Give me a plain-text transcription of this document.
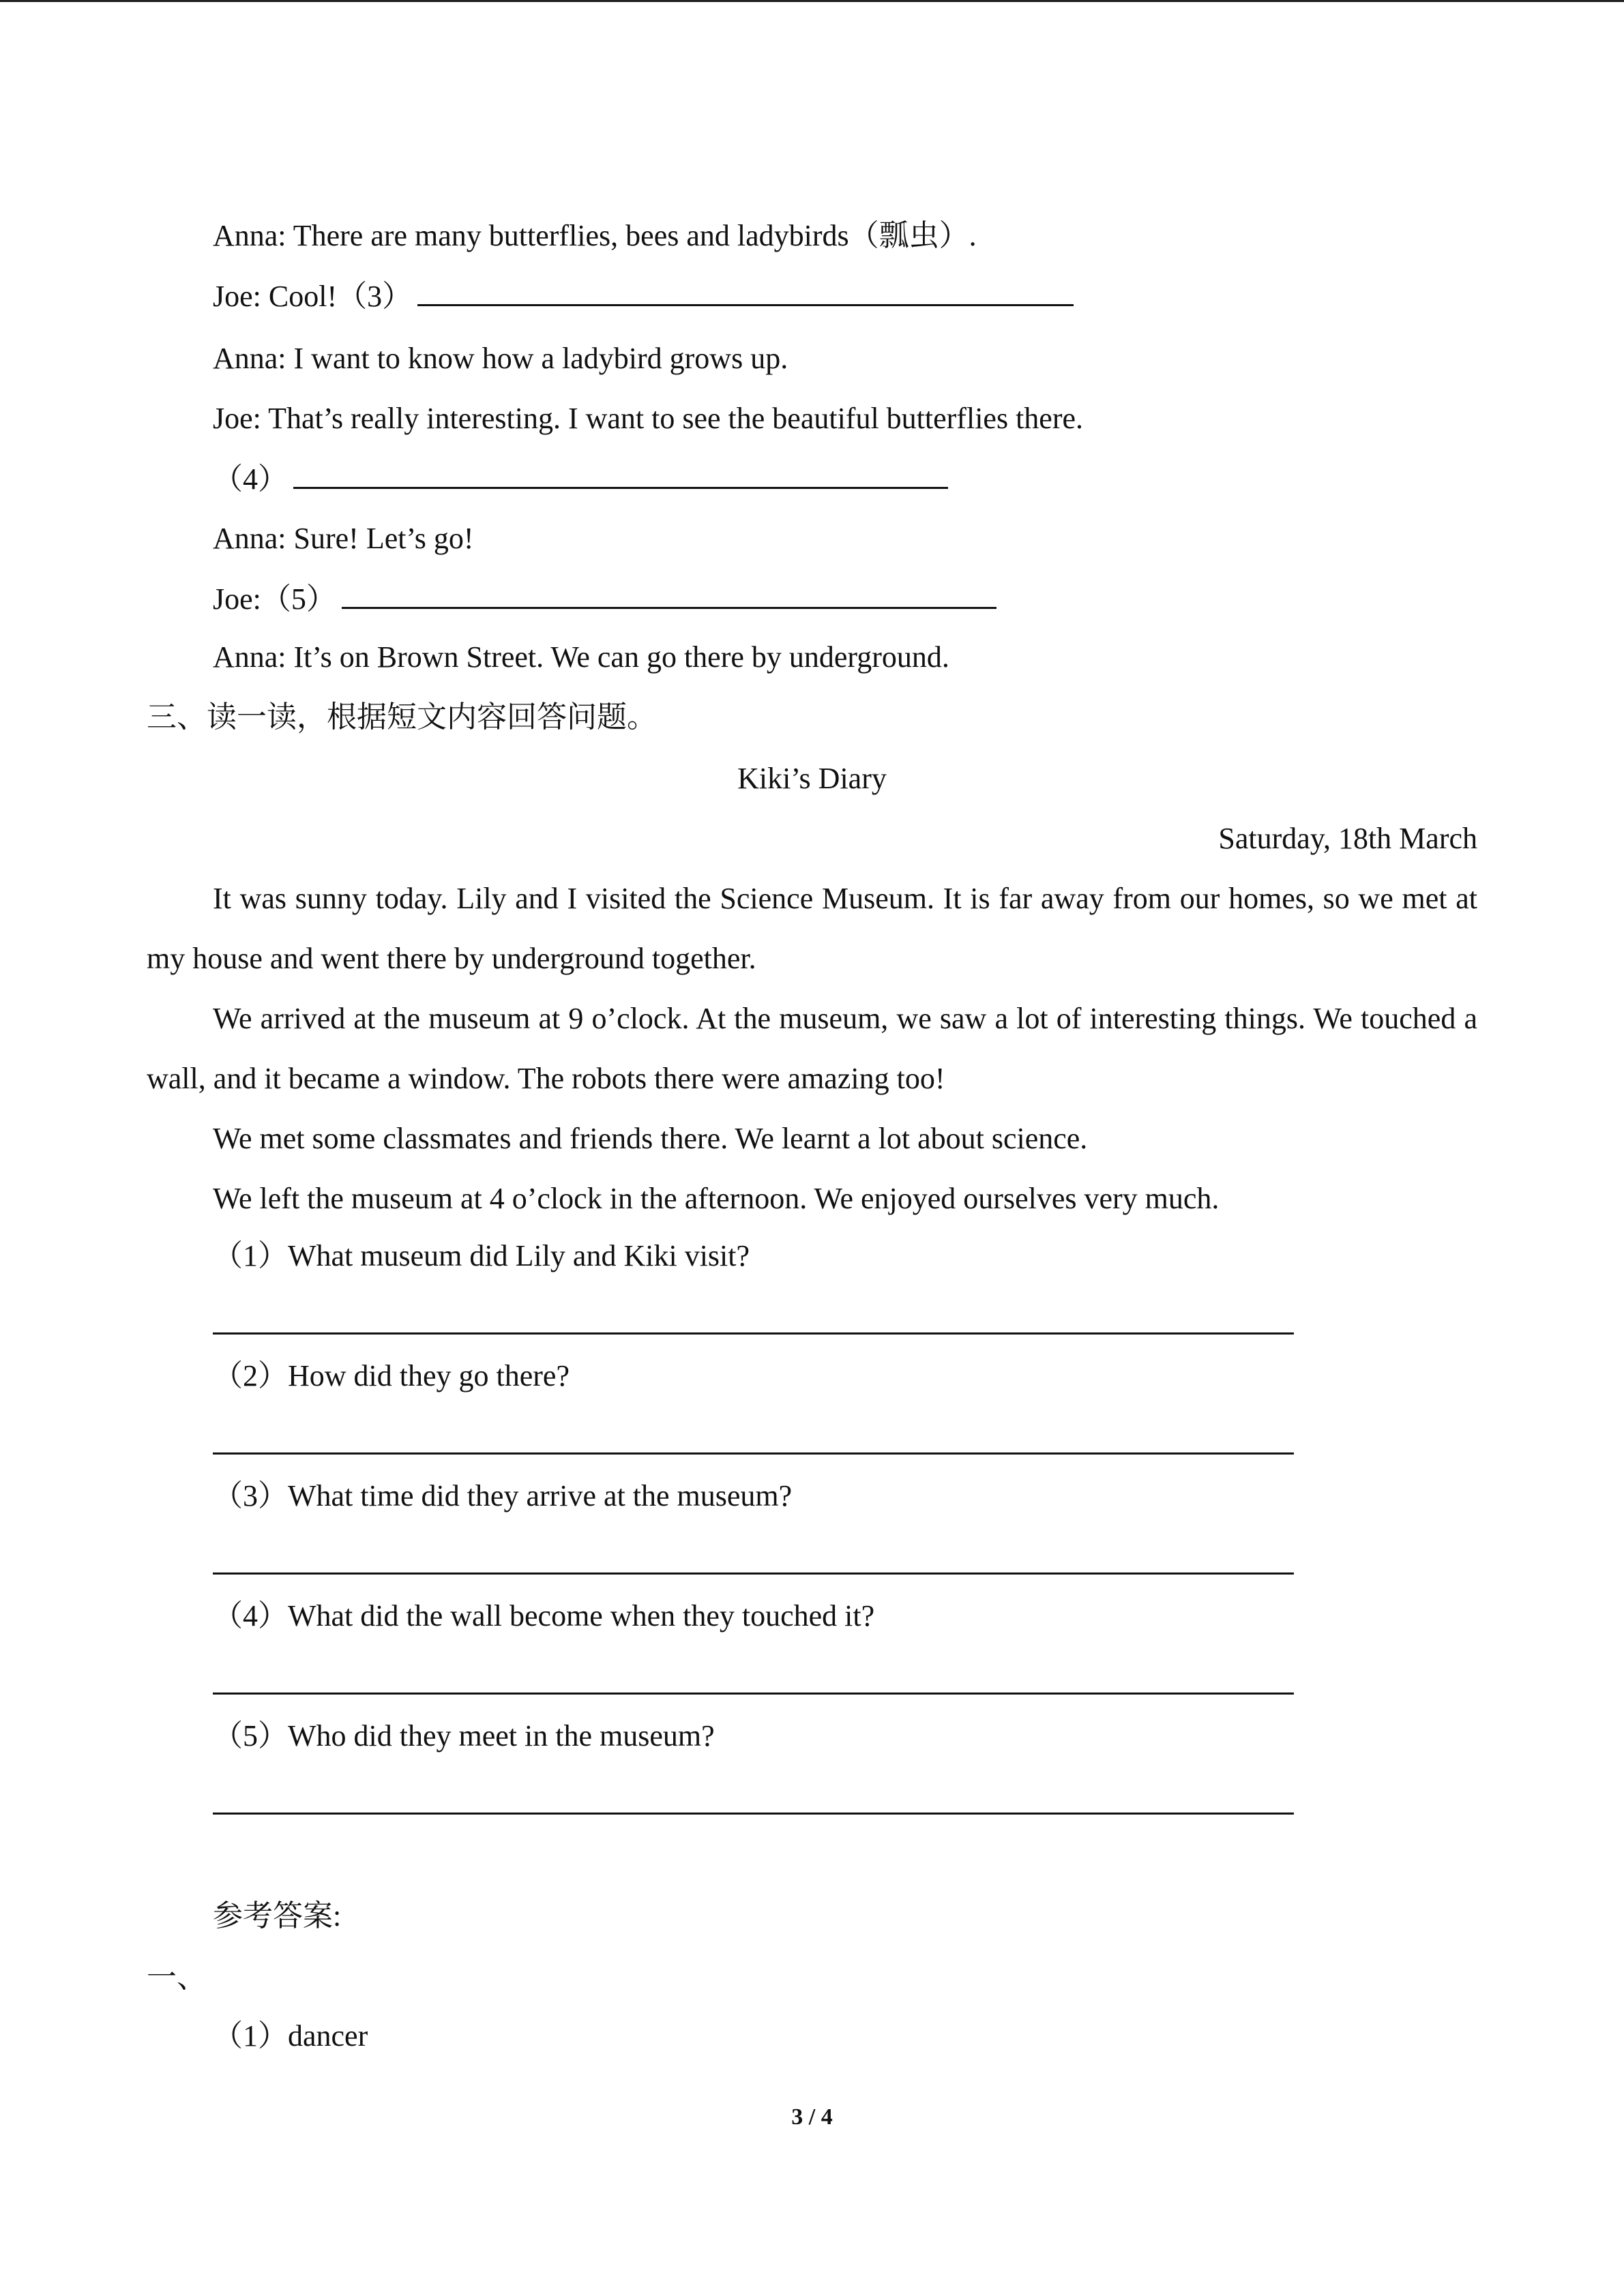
Anna: There are many butterflies, bees and ladybirds（瓢虫）.
Joe: Cool!（3）
Anna: I want to know how a ladybird grows up.
Joe: That’s really interesting. I want to see the beautiful butterflies there.
（4）
Anna: Sure! Let’s go!
Joe:（5）
Anna: It’s on Brown Street. We can go there by underground.
三、读一读，根据短文内容回答问题。
Kiki’s Diary
Saturday, 18th March
It was sunny today. Lily and I visited the Science Museum. It is far away from our homes, so we met at my house and went there by underground together.
We arrived at the museum at 9 o’clock. At the museum, we saw a lot of interesting things. We touched a wall, and it became a window. The robots there were amazing too!
We met some classmates and friends there. We learnt a lot about science.
We left the museum at 4 o’clock in the afternoon. We enjoyed ourselves very much.
（1）What museum did Lily and Kiki visit?
（2）How did they go there?
（3）What time did they arrive at the museum?
（4）What did the wall become when they touched it?
（5）Who did they meet in the museum?
参考答案:
一、
（1）dancer
3 / 4
